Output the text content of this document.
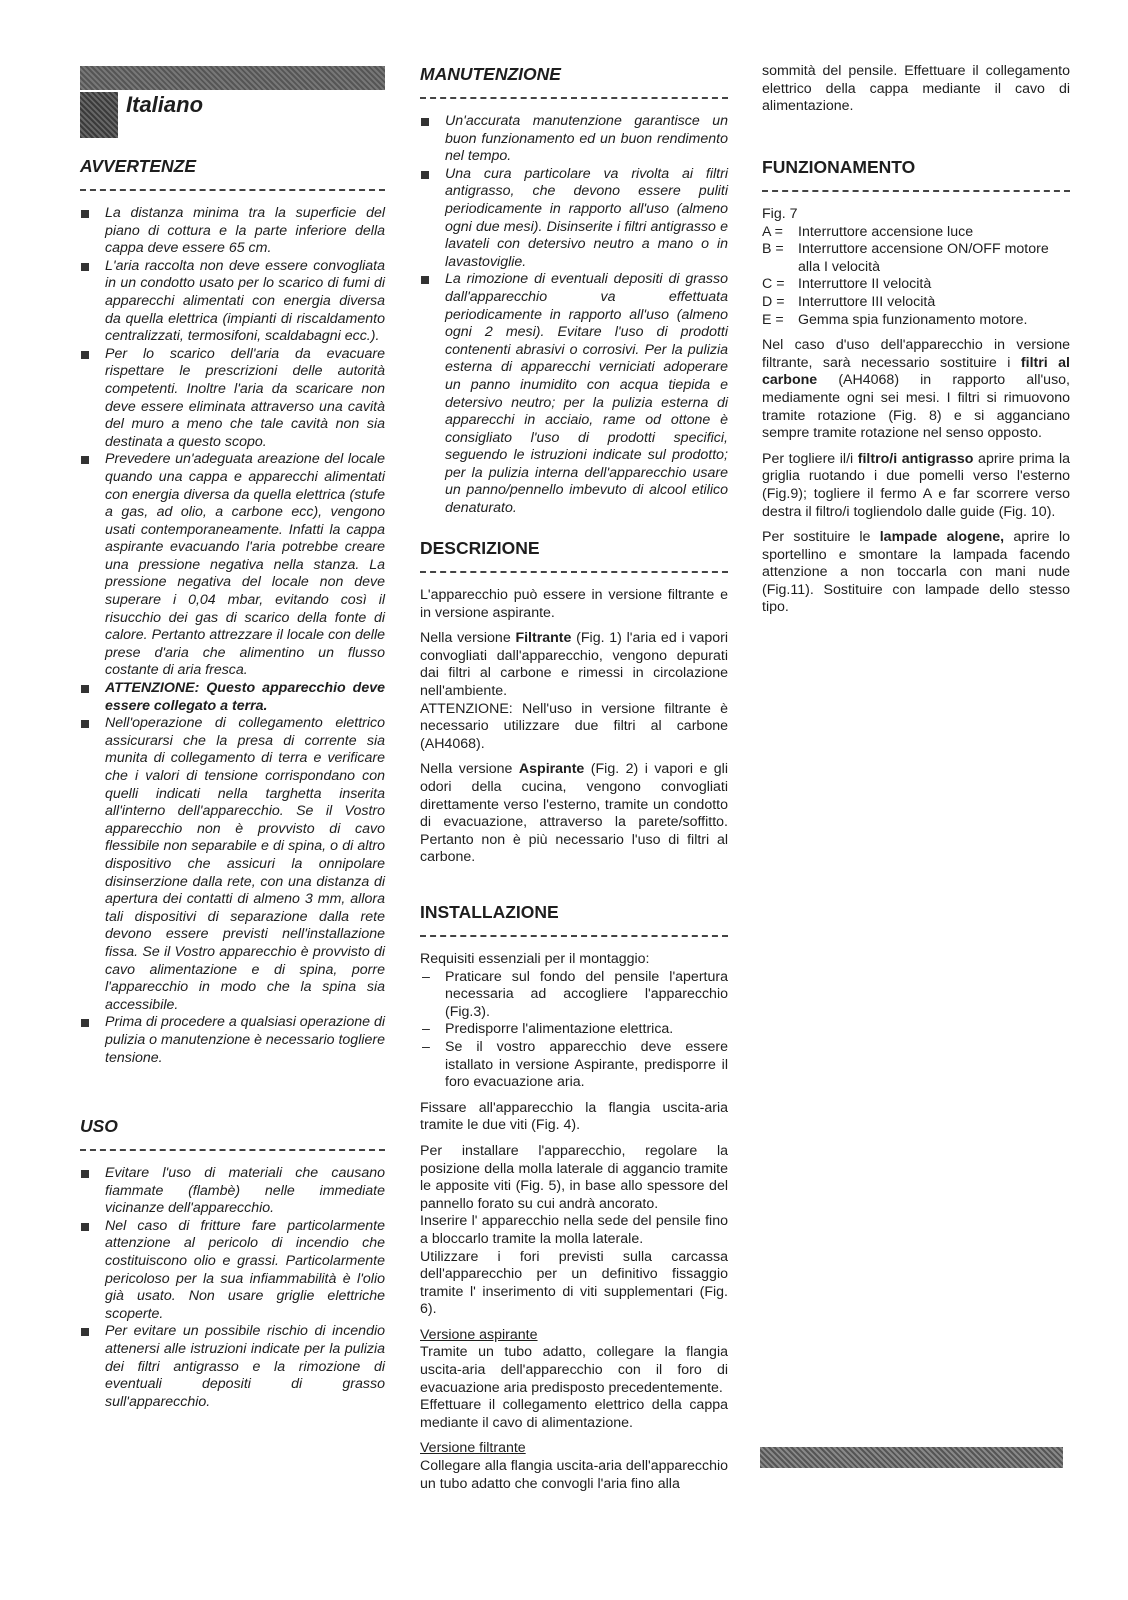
Italiano
AVVERTENZE
La distanza minima tra la superficie del piano di cottura e la parte inferiore della cappa deve essere 65 cm.
L'aria raccolta non deve essere convogliata in un condotto usato per lo scarico di fumi di apparecchi alimentati con energia diversa da quella elettrica (impianti di riscaldamento centralizzati, termosifoni, scaldabagni ecc.).
Per lo scarico dell'aria da evacuare rispettare le prescrizioni delle autorità competenti. Inoltre l'aria da scaricare non deve essere eliminata attraverso una cavità del muro a meno che tale cavità non sia destinata a questo scopo.
Prevedere un'adeguata areazione del locale quando una cappa e apparecchi alimentati con energia diversa da quella elettrica (stufe a gas, ad olio, a carbone ecc), vengono usati contemporaneamente. Infatti la cappa aspirante evacuando l'aria potrebbe creare una pressione negativa nella stanza. La pressione negativa del locale non deve superare i 0,04 mbar, evitando così il risucchio dei gas di scarico della fonte di calore. Pertanto attrezzare il locale con delle prese d'aria che alimentino un flusso costante di aria fresca.
ATTENZIONE: Questo apparecchio deve essere collegato a terra.
Nell'operazione di collegamento elettrico assicurarsi che la presa di corrente sia munita di collegamento di terra e verificare che i valori di tensione corrispondano con quelli indicati nella targhetta inserita all'interno dell'apparecchio. Se il Vostro apparecchio non è provvisto di cavo flessibile non separabile e di spina, o di altro dispositivo che assicuri la onnipolare disinserzione dalla rete, con una distanza di apertura dei contatti di almeno 3 mm, allora tali dispositivi di separazione dalla rete devono essere previsti nell'installazione fissa. Se il Vostro apparecchio è provvisto di cavo alimentazione e di spina, porre l'apparecchio in modo che la spina sia accessibile.
Prima di procedere a qualsiasi operazione di pulizia o manutenzione è necessario togliere tensione.
USO
Evitare l'uso di materiali che causano fiammate (flambè) nelle immediate vicinanze dell'apparecchio.
Nel caso di fritture fare particolarmente attenzione al pericolo di incendio che costituiscono olio e grassi. Particolarmente pericoloso per la sua infiammabilità è l'olio già usato. Non usare griglie elettriche scoperte.
Per evitare un possibile rischio di incendio attenersi alle istruzioni indicate per la pulizia dei filtri antigrasso e la rimozione di eventuali depositi di grasso sull'apparecchio.
MANUTENZIONE
Un'accurata manutenzione garantisce un buon funzionamento ed un buon rendimento nel tempo.
Una cura particolare va rivolta ai filtri antigrasso, che devono essere puliti periodicamente in rapporto all'uso (almeno ogni due mesi). Disinserite i filtri antigrasso e lavateli con detersivo neutro a mano o in lavastoviglie.
La rimozione di eventuali depositi di grasso dall'apparecchio va effettuata periodicamente in rapporto all'uso (almeno ogni 2 mesi). Evitare l'uso di prodotti contenenti abrasivi o corrosivi. Per la pulizia esterna di apparecchi verniciati adoperare un panno inumidito con acqua tiepida e detersivo neutro; per la pulizia esterna di apparecchi in acciaio, rame od ottone è consigliato l'uso di prodotti specifici, seguendo le istruzioni indicate sul prodotto; per la pulizia interna dell'apparecchio usare un panno/pennello imbevuto di alcool etilico denaturato.
DESCRIZIONE

L'apparecchio può essere in versione filtrante e in versione aspirante.

Nella versione Filtrante (Fig. 1) l'aria ed i vapori convogliati dall'apparecchio, vengono depurati dai filtri al carbone e rimessi in circolazione nell'ambiente.

ATTENZIONE: Nell'uso in versione filtrante è necessario utilizzare due filtri al carbone (AH4068).

Nella versione Aspirante (Fig. 2) i vapori e gli odori della cucina, vengono convogliati direttamente verso l'esterno, tramite un condotto di evacuazione, attraverso la parete/soffitto. Pertanto non è più necessario l'uso di filtri al carbone.

INSTALLAZIONE

Requisiti essenziali per il montaggio:

– Praticare sul fondo del pensile l'apertura necessaria ad accogliere l'apparecchio (Fig.3).
– Predisporre l'alimentazione elettrica.
– Se il vostro apparecchio deve essere istallato in versione Aspirante, predisporre il foro evacuazione aria.

Fissare all'apparecchio la flangia uscita-aria tramite le due viti (Fig. 4).

Per installare l'apparecchio, regolare la posizione della molla laterale di aggancio tramite le apposite viti (Fig. 5), in base allo spessore del pannello forato su cui andrà ancorato.

Inserire l' apparecchio nella sede del pensile fino a bloccarlo tramite la molla laterale.

Utilizzare i fori previsti sulla carcassa dell'apparecchio per un definitivo fissaggio tramite l' inserimento di viti supplementari (Fig. 6).

Versione aspirante

Tramite un tubo adatto, collegare la flangia uscita-aria dell'apparecchio con il foro di evacuazione aria predisposto precedentemente.

Effettuare il collegamento elettrico della cappa mediante il cavo di alimentazione.

Versione filtrante

Collegare alla flangia uscita-aria dell'apparecchio un tubo adatto che convogli l'aria fino alla

sommità del pensile. Effettuare il collegamento elettrico della cappa mediante il cavo di alimentazione.

FUNZIONAMENTO

Fig. 7

A =	Interruttore accensione luce
B =	Interruttore accensione ON/OFF motore alla I velocità
C = Interruttore II velocità
D = Interruttore III velocità
E =	Gemma spia funzionamento motore.

Nel caso d'uso dell'apparecchio in versione filtrante, sarà necessario sostituire i filtri al carbone (AH4068) in rapporto all'uso, mediamente ogni sei mesi. I filtri si rimuovono tramite rotazione (Fig. 8) e si agganciano sempre tramite rotazione nel senso opposto.

Per togliere il/i filtro/i antigrasso aprire prima la griglia ruotando i due pomelli verso l'esterno (Fig.9); togliere il fermo A e far scorrere verso destra il filtro/i togliendolo dalle guide (Fig. 10).

Per sostituire le lampade alogene, aprire lo sportellino e smontare la lampada facendo attenzione a non toccarla con mani nude (Fig.11). Sostituire con lampade dello stesso tipo.
